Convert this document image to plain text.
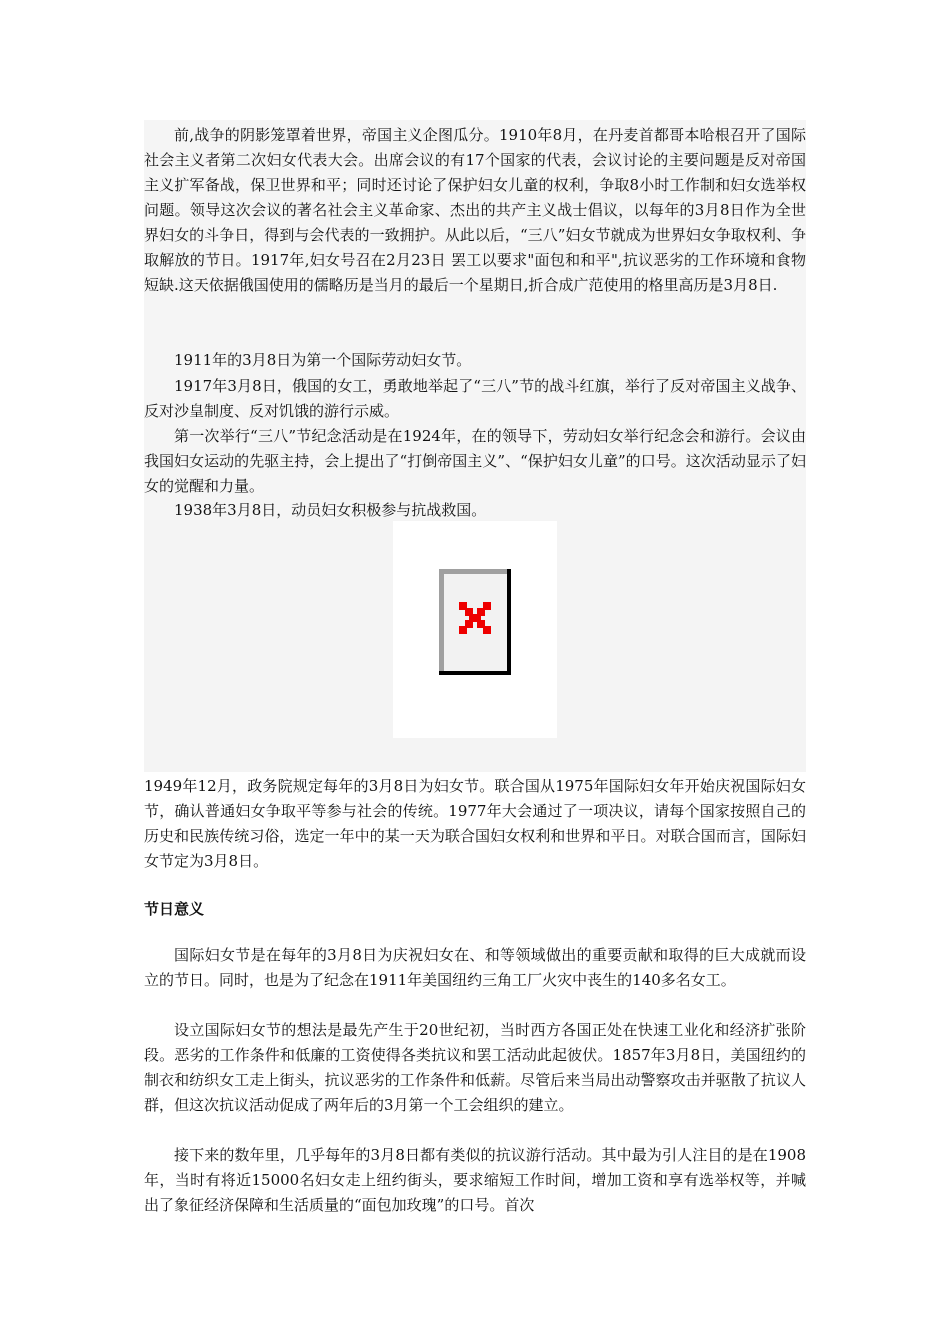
前,战争的阴影笼罩着世界，帝国主义企图瓜分。1910年8月，在丹麦首都哥本哈根召开了国际社会主义者第二次妇女代表大会。出席会议的有17个国家的代表，会议讨论的主要问题是反对帝国主义扩军备战，保卫世界和平；同时还讨论了保护妇女儿童的权利，争取8小时工作制和妇女选举权问题。领导这次会议的著名社会主义革命家、杰出的共产主义战士倡议，以每年的3月8日作为全世界妇女的斗争日，得到与会代表的一致拥护。从此以后，“三八”妇女节就成为世界妇女争取权利、争取解放的节日。1917年,妇女号召在2月23日 罢工以要求"面包和和平",抗议恶劣的工作环境和食物短缺.这天依据俄国使用的儒略历是当月的最后一个星期日,折合成广范使用的格里高历是3月8日.

1911年的3月8日为第一个国际劳动妇女节。

1917年3月8日，俄国的女工，勇敢地举起了“三八”节的战斗红旗，举行了反对帝国主义战争、反对沙皇制度、反对饥饿的游行示威。

第一次举行“三八”节纪念活动是在1924年，在的领导下，劳动妇女举行纪念会和游行。会议由我国妇女运动的先驱主持，会上提出了“打倒帝国主义”、“保护妇女儿童”的口号。这次活动显示了妇女的觉醒和力量。

1938年3月8日，动员妇女积极参与抗战救国。

1949年12月，政务院规定每年的3月8日为妇女节。联合国从1975年国际妇女年开始庆祝国际妇女节，确认普通妇女争取平等参与社会的传统。1977年大会通过了一项决议，请每个国家按照自己的历史和民族传统习俗，选定一年中的某一天为联合国妇女权利和世界和平日。对联合国而言，国际妇女节定为3月8日。

节日意义

国际妇女节是在每年的3月8日为庆祝妇女在、和等领域做出的重要贡献和取得的巨大成就而设立的节日。同时，也是为了纪念在1911年美国纽约三角工厂火灾中丧生的140多名女工。

设立国际妇女节的想法是最先产生于20世纪初，当时西方各国正处在快速工业化和经济扩张阶段。恶劣的工作条件和低廉的工资使得各类抗议和罢工活动此起彼伏。1857年3月8日，美国纽约的制衣和纺织女工走上街头，抗议恶劣的工作条件和低薪。尽管后来当局出动警察攻击并驱散了抗议人群，但这次抗议活动促成了两年后的3月第一个工会组织的建立。

接下来的数年里，几乎每年的3月8日都有类似的抗议游行活动。其中最为引人注目的是在1908年，当时有将近15000名妇女走上纽约街头，要求缩短工作时间，增加工资和享有选举权等，并喊出了象征经济保障和生活质量的“面包加玫瑰”的口号。首次
